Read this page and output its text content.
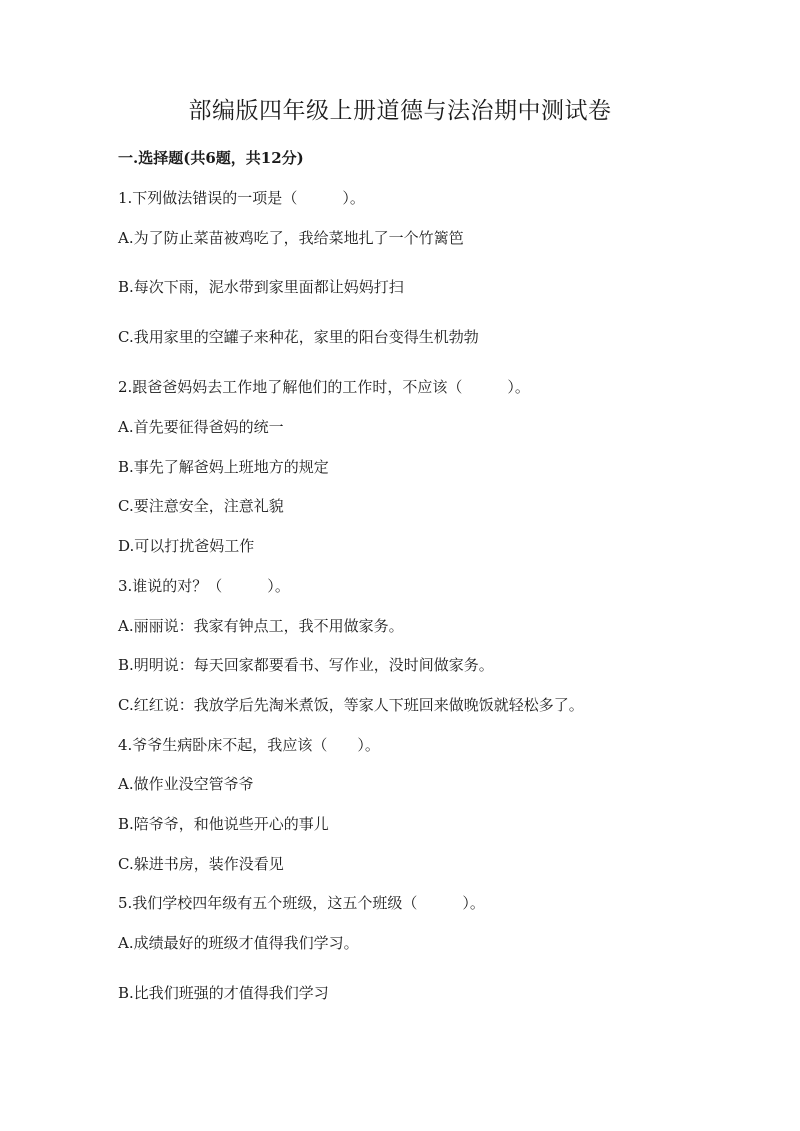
部编版四年级上册道德与法治期中测试卷
一.选择题(共6题，共12分)
1.下列做法错误的一项是（　　　）。
A.为了防止菜苗被鸡吃了，我给菜地扎了一个竹篱笆
B.每次下雨，泥水带到家里面都让妈妈打扫
C.我用家里的空罐子来种花，家里的阳台变得生机勃勃
2.跟爸爸妈妈去工作地了解他们的工作时，不应该（　　　）。
A.首先要征得爸妈的统一
B.事先了解爸妈上班地方的规定
C.要注意安全，注意礼貌
D.可以打扰爸妈工作
3.谁说的对？（　　　）。
A.丽丽说：我家有钟点工，我不用做家务。
B.明明说：每天回家都要看书、写作业，没时间做家务。
C.红红说：我放学后先淘米煮饭，等家人下班回来做晚饭就轻松多了。
4.爷爷生病卧床不起，我应该（　　）。
A.做作业没空管爷爷
B.陪爷爷，和他说些开心的事儿
C.躲进书房，装作没看见
5.我们学校四年级有五个班级，这五个班级（　　　）。
A.成绩最好的班级才值得我们学习。
B.比我们班强的才值得我们学习
